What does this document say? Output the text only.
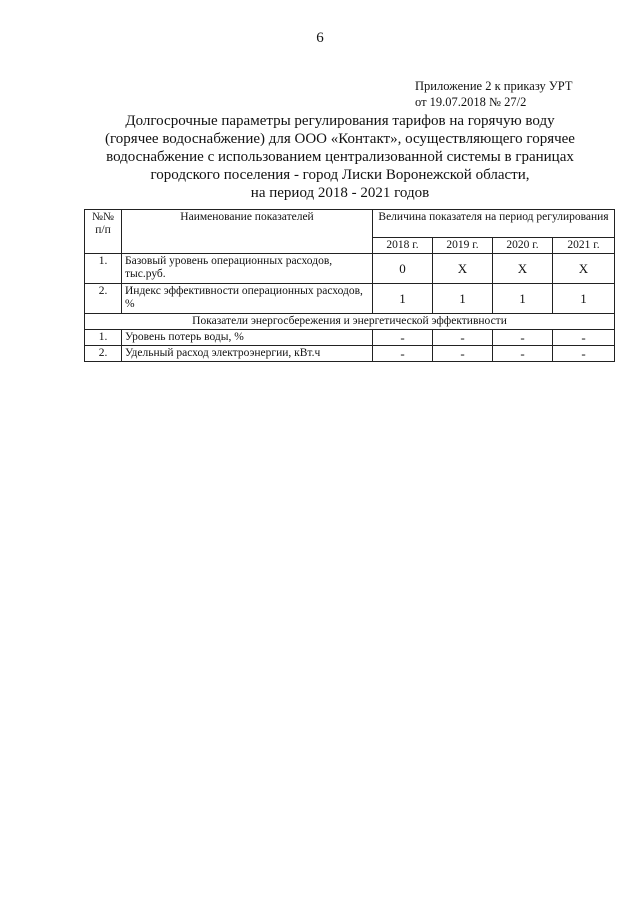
6
Приложение 2 к приказу УРТ
от 19.07.2018 № 27/2
Долгосрочные параметры регулирования тарифов на горячую воду
(горячее водоснабжение) для ООО «Контакт», осуществляющего горячее
водоснабжение с использованием централизованной системы в границах
городского поселения - город Лиски Воронежской области,
на период 2018 - 2021 годов
№№ п/п	Наименование показателей	Величина показателя на период регулирования			
		2018 г.	2019 г.	2020 г.	2021 г.
1.	Базовый уровень операционных расходов, тыс.руб.	0	Х	Х	Х
2.	Индекс эффективности операционных расходов, %	1	1	1	1
Показатели энергосбережения и энергетической эффективности					
1.	Уровень потерь воды, %	-	-	-	-
2.	Удельный расход электроэнергии, кВт.ч	-	-	-	-
